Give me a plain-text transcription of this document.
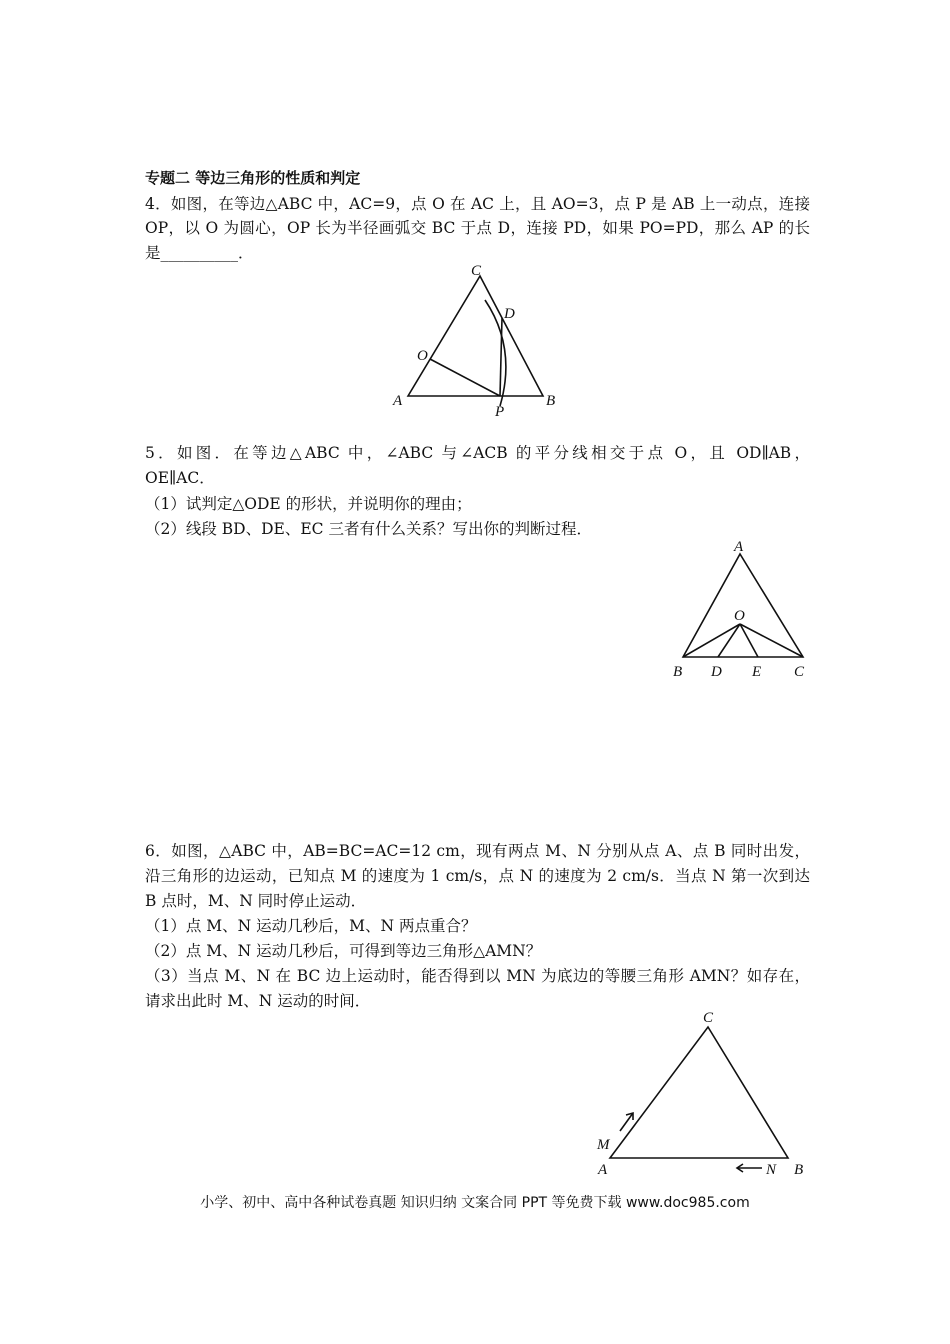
专题二 等边三角形的性质和判定
4．如图，在等边△ABC 中，AC=9，点 O 在 AC 上，且 AO=3，点 P 是 AB 上一动点，连接
OP，以 O 为圆心，OP 长为半径画弧交 BC 于点 D，连接 PD，如果 PO=PD，那么 AP 的长
是__________．
C
D
O
A	B
P
5．如图．在等边△ABC 中，∠ABC 与∠ACB 的平分线相交于点 O，且 OD∥AB，
OE∥AC．
（1）试判定△ODE 的形状，并说明你的理由；
（2）线段 BD、DE、EC 三者有什么关系？写出你的判断过程．
A
O
B D E C
6．如图，△ABC 中，AB=BC=AC=12 cm，现有两点 M、N 分别从点 A、点 B 同时出发，
沿三角形的边运动，已知点 M 的速度为 1 cm/s，点 N 的速度为 2 cm/s．当点 N 第一次到达
B 点时，M、N 同时停止运动．
（1）点 M、N 运动几秒后，M、N 两点重合？
（2）点 M、N 运动几秒后，可得到等边三角形△AMN？
（3）当点 M、N 在 BC 边上运动时，能否得到以 MN 为底边的等腰三角形 AMN？如存在，
请求出此时 M、N 运动的时间．
C
M
A	N B
小学、初中、高中各种试卷真题 知识归纳 文案合同 PPT 等免费下载 www.doc985.com
